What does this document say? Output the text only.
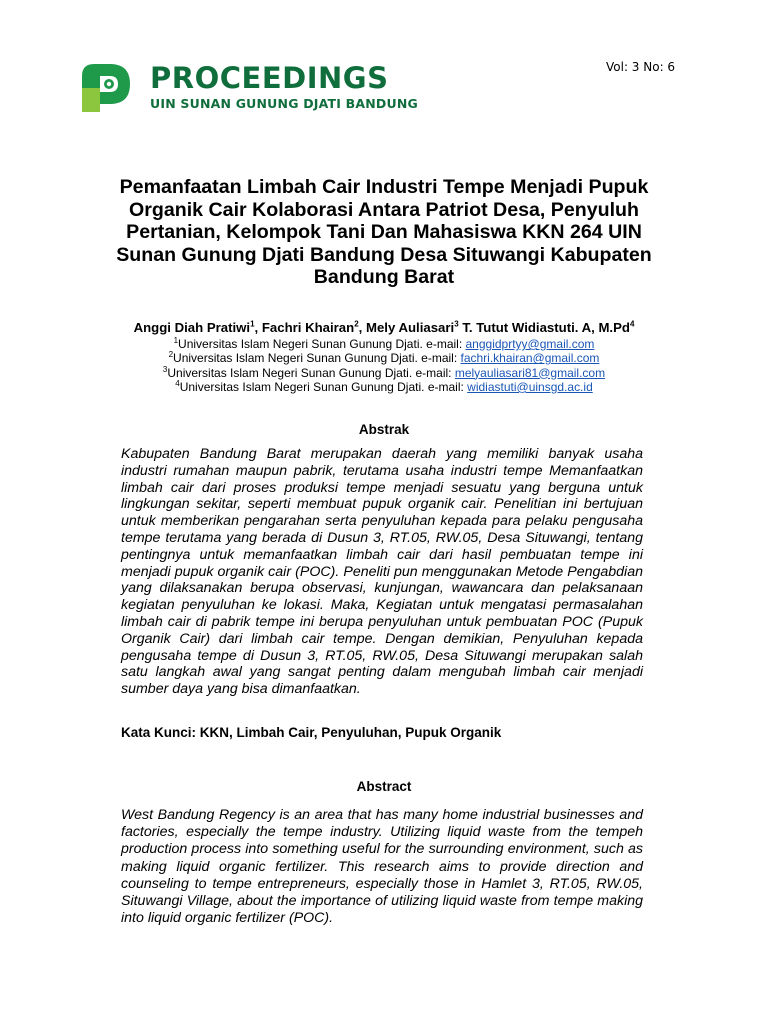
PROCEEDINGS
UIN SUNAN GUNUNG DJATI BANDUNG
Vol: 3 No: 6
Pemanfaatan Limbah Cair Industri Tempe Menjadi Pupuk Organik Cair Kolaborasi Antara Patriot Desa, Penyuluh Pertanian, Kelompok Tani Dan Mahasiswa KKN 264 UIN Sunan Gunung Djati Bandung Desa Situwangi Kabupaten Bandung Barat
Anggi Diah Pratiwi$^1$, Fachri Khairan$^2$, Mely Auliasari$^3$ T. Tutut Widiastuti. A, M.Pd$^4$
$^1$Universitas Islam Negeri Sunan Gunung Djati. e-mail: anggidprtyy@gmail.com
$^2$Universitas Islam Negeri Sunan Gunung Djati. e-mail: fachri.khairan@gmail.com
$^3$Universitas Islam Negeri Sunan Gunung Djati. e-mail: melyauliasari81@gmail.com
$^4$Universitas Islam Negeri Sunan Gunung Djati. e-mail: widiastuti@uinsgd.ac.id
Abstrak
Kabupaten Bandung Barat merupakan daerah yang memiliki banyak usaha industri rumahan maupun pabrik, terutama usaha industri tempe Memanfaatkan limbah cair dari proses produksi tempe menjadi sesuatu yang berguna untuk lingkungan sekitar, seperti membuat pupuk organik cair. Penelitian ini bertujuan untuk memberikan pengarahan serta penyuluhan kepada para pelaku pengusaha tempe terutama yang berada di Dusun 3, RT.05, RW.05, Desa Situwangi, tentang pentingnya untuk memanfaatkan limbah cair dari hasil pembuatan tempe ini menjadi pupuk organik cair (POC). Peneliti pun menggunakan Metode Pengabdian yang dilaksanakan berupa observasi, kunjungan, wawancara dan pelaksanaan kegiatan penyuluhan ke lokasi. Maka, Kegiatan untuk mengatasi permasalahan limbah cair di pabrik tempe ini berupa penyuluhan untuk pembuatan POC (Pupuk Organik Cair) dari limbah cair tempe. Dengan demikian, Penyuluhan kepada pengusaha tempe di Dusun 3, RT.05, RW.05, Desa Situwangi merupakan salah satu langkah awal yang sangat penting dalam mengubah limbah cair menjadi sumber daya yang bisa dimanfaatkan.
Kata Kunci: KKN, Limbah Cair, Penyuluhan, Pupuk Organik
Abstract
West Bandung Regency is an area that has many home industrial businesses and factories, especially the tempe industry. Utilizing liquid waste from the tempeh production process into something useful for the surrounding environment, such as making liquid organic fertilizer. This research aims to provide direction and counseling to tempe entrepreneurs, especially those in Hamlet 3, RT.05, RW.05, Situwangi Village, about the importance of utilizing liquid waste from tempe making into liquid organic fertilizer (POC).
